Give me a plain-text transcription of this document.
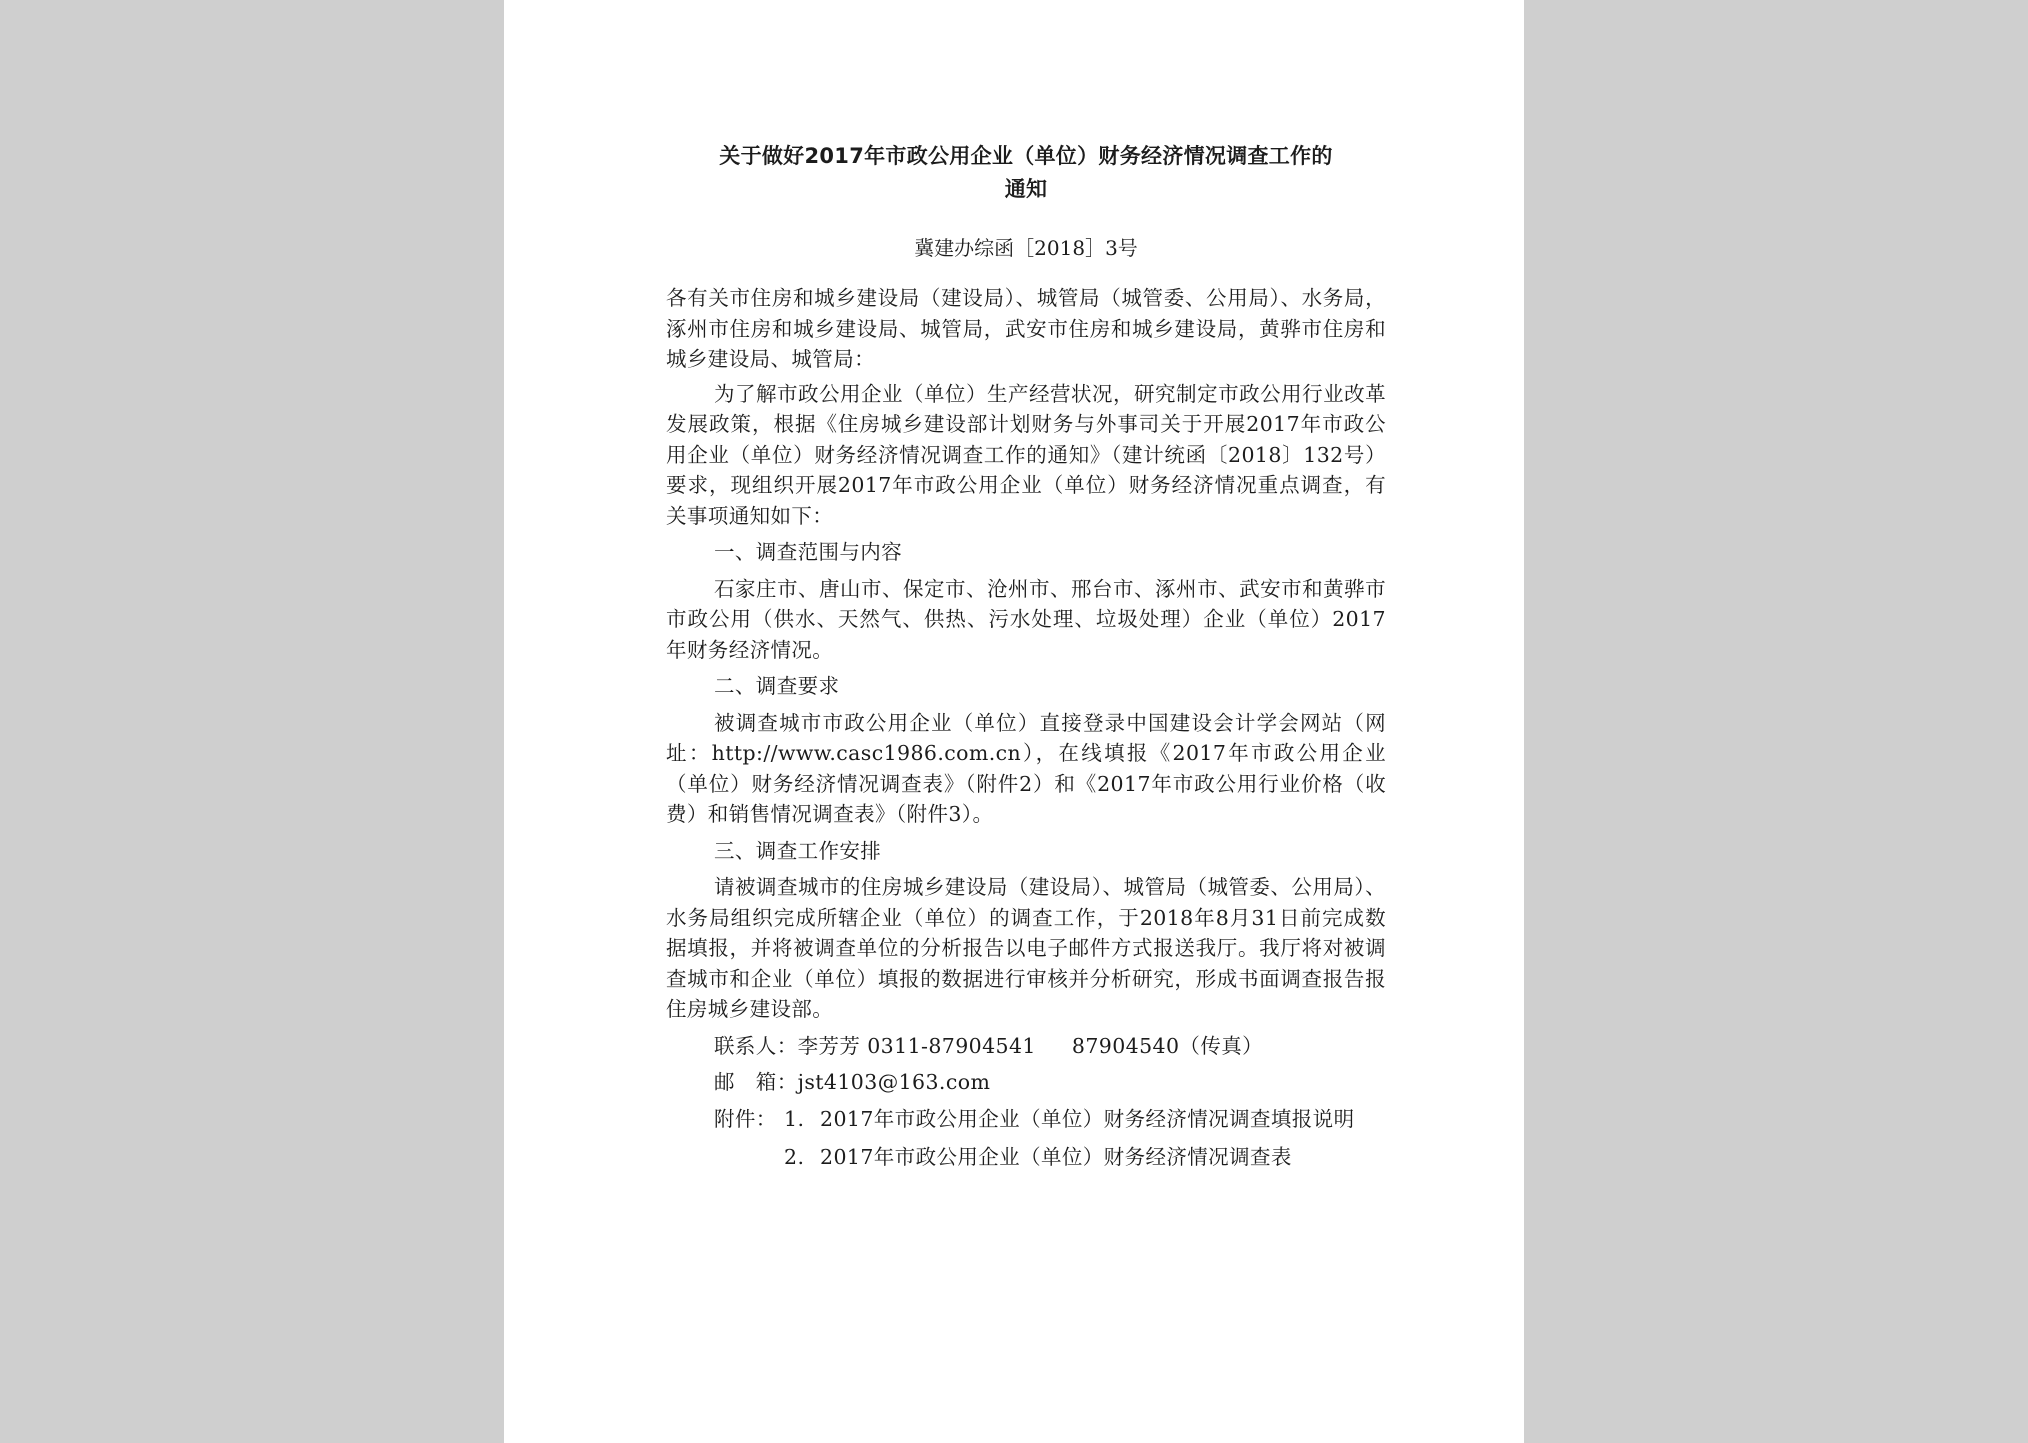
关于做好2017年市政公用企业（单位）财务经济情况调查工作的
通知
冀建办综函［2018］3号

各有关市住房和城乡建设局（建设局）、城管局（城管委、公用局）、水务局，涿州市住房和城乡建设局、城管局，武安市住房和城乡建设局，黄骅市住房和城乡建设局、城管局：

为了解市政公用企业（单位）生产经营状况，研究制定市政公用行业改革发展政策，根据《住房城乡建设部计划财务与外事司关于开展2017年市政公用企业（单位）财务经济情况调查工作的通知》（建计统函〔2018〕132号）要求，现组织开展2017年市政公用企业（单位）财务经济情况重点调查，有关事项通知如下：

一、调查范围与内容

石家庄市、唐山市、保定市、沧州市、邢台市、涿州市、武安市和黄骅市市政公用（供水、天然气、供热、污水处理、垃圾处理）企业（单位）2017年财务经济情况。

二、调查要求

被调查城市市政公用企业（单位）直接登录中国建设会计学会网站（网址：http://www.casc1986.com.cn），在线填报《2017年市政公用企业（单位）财务经济情况调查表》（附件2）和《2017年市政公用行业价格（收费）和销售情况调查表》（附件3）。

三、调查工作安排

请被调查城市的住房城乡建设局（建设局）、城管局（城管委、公用局）、水务局组织完成所辖企业（单位）的调查工作，于2018年8月31日前完成数据填报，并将被调查单位的分析报告以电子邮件方式报送我厅。我厅将对被调查城市和企业（单位）填报的数据进行审核并分析研究，形成书面调查报告报住房城乡建设部。

联系人：李芳芳 0311-87904541 87904540（传真）
邮　箱：jst4103@163.com
附件： 1. 2017年市政公用企业（单位）财务经济情况调查填报说明
2. 2017年市政公用企业（单位）财务经济情况调查表
